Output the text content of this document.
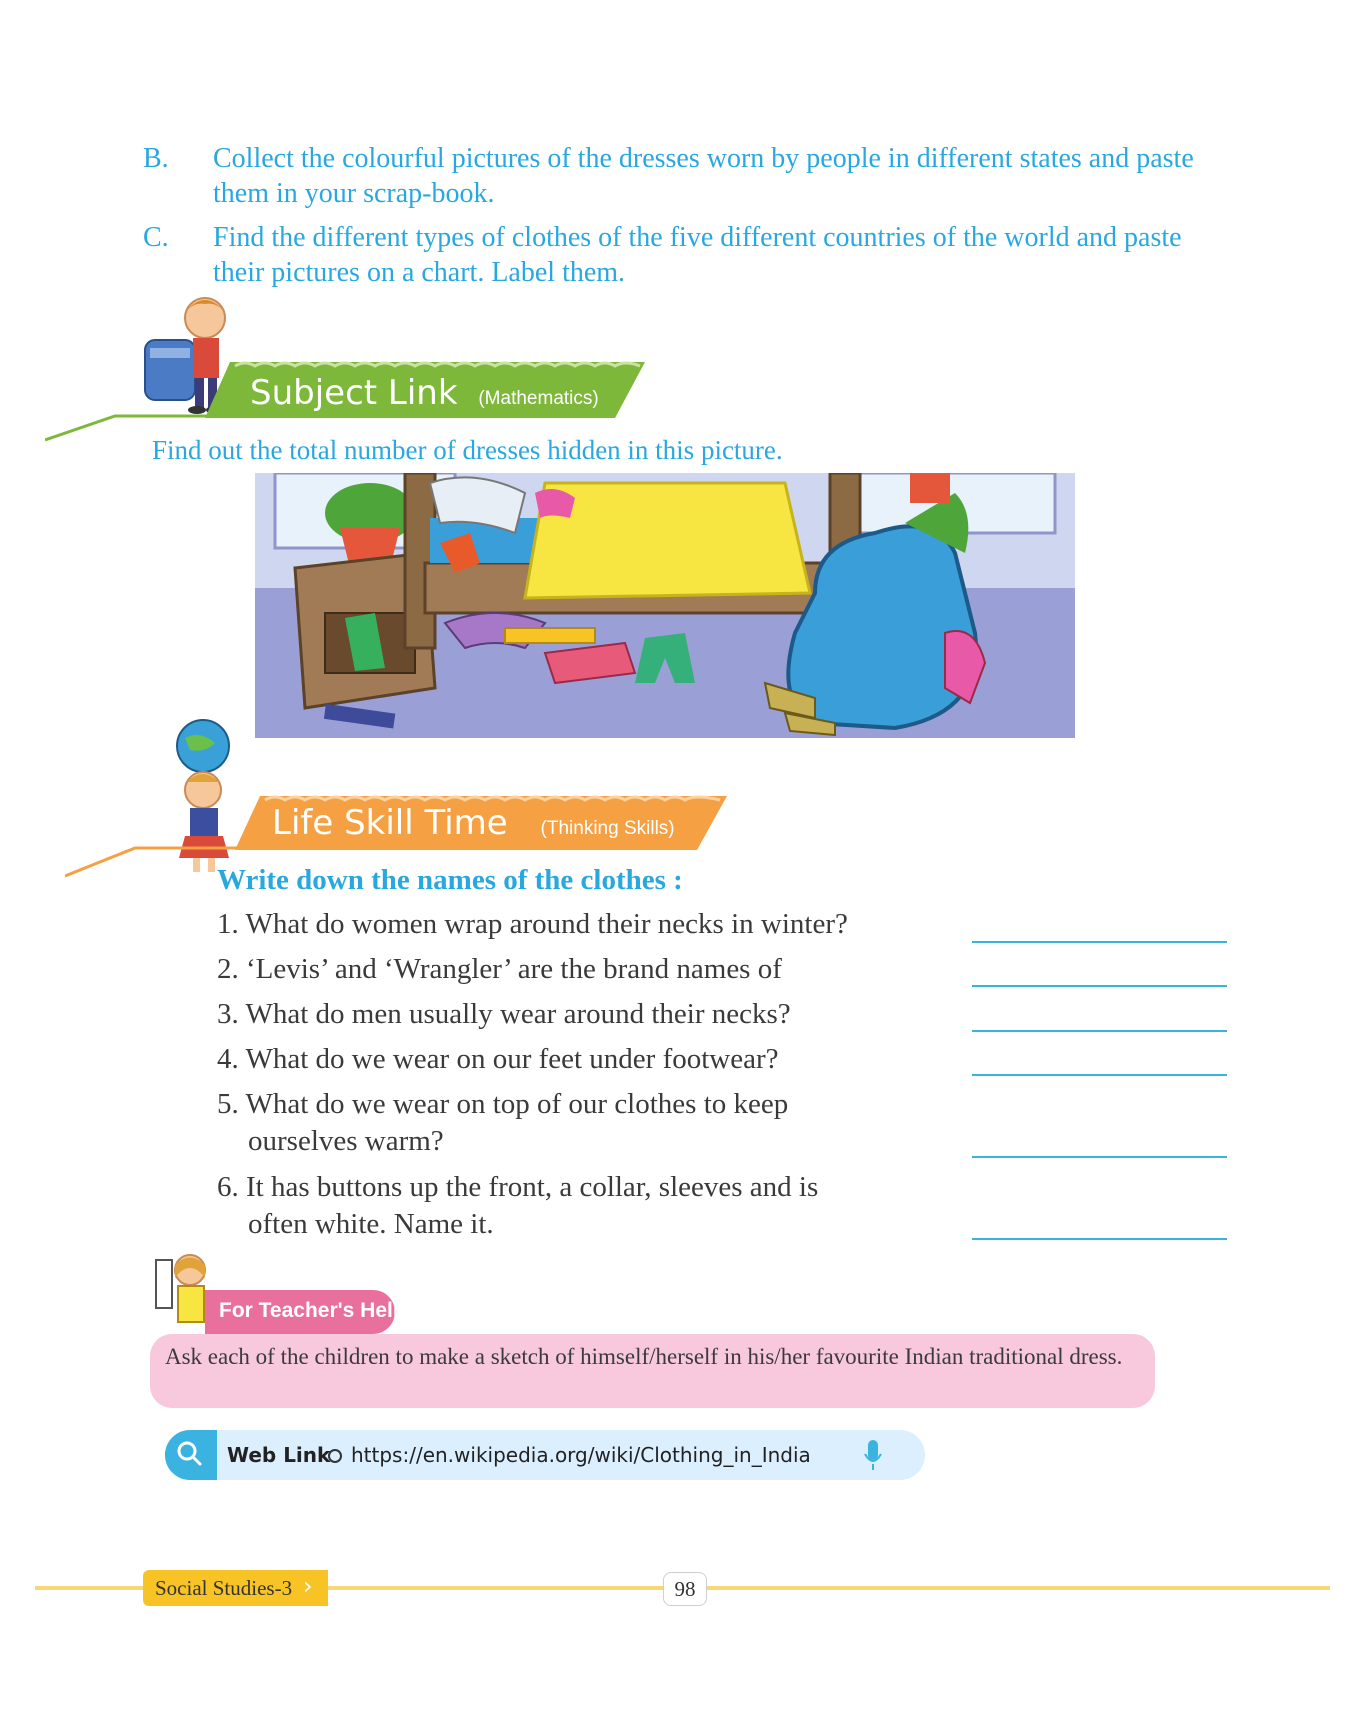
B. Collect the colourful pictures of the dresses worn by people in different states and paste them in your scrap-book.
C. Find the different types of clothes of the five different countries of the world and paste their pictures on a chart. Label them.
Subject Link (Mathematics)
Find out the total number of dresses hidden in this picture.
Life Skill Time (Thinking Skills)
Write down the names of the clothes :
1. What do women wrap around their necks in winter?
2. ‘Levis’ and ‘Wrangler’ are the brand names of
3. What do men usually wear around their necks?
4. What do we wear on our feet under footwear?
5. What do we wear on top of our clothes to keep
ourselves warm?
6. It has buttons up the front, a collar, sleeves and is
often white. Name it.
For Teacher's Help
Ask each of the children to make a sketch of himself/herself in his/her favourite Indian traditional dress.
Web Link https://en.wikipedia.org/wiki/Clothing_in_India
Social Studies-3 ›	98
